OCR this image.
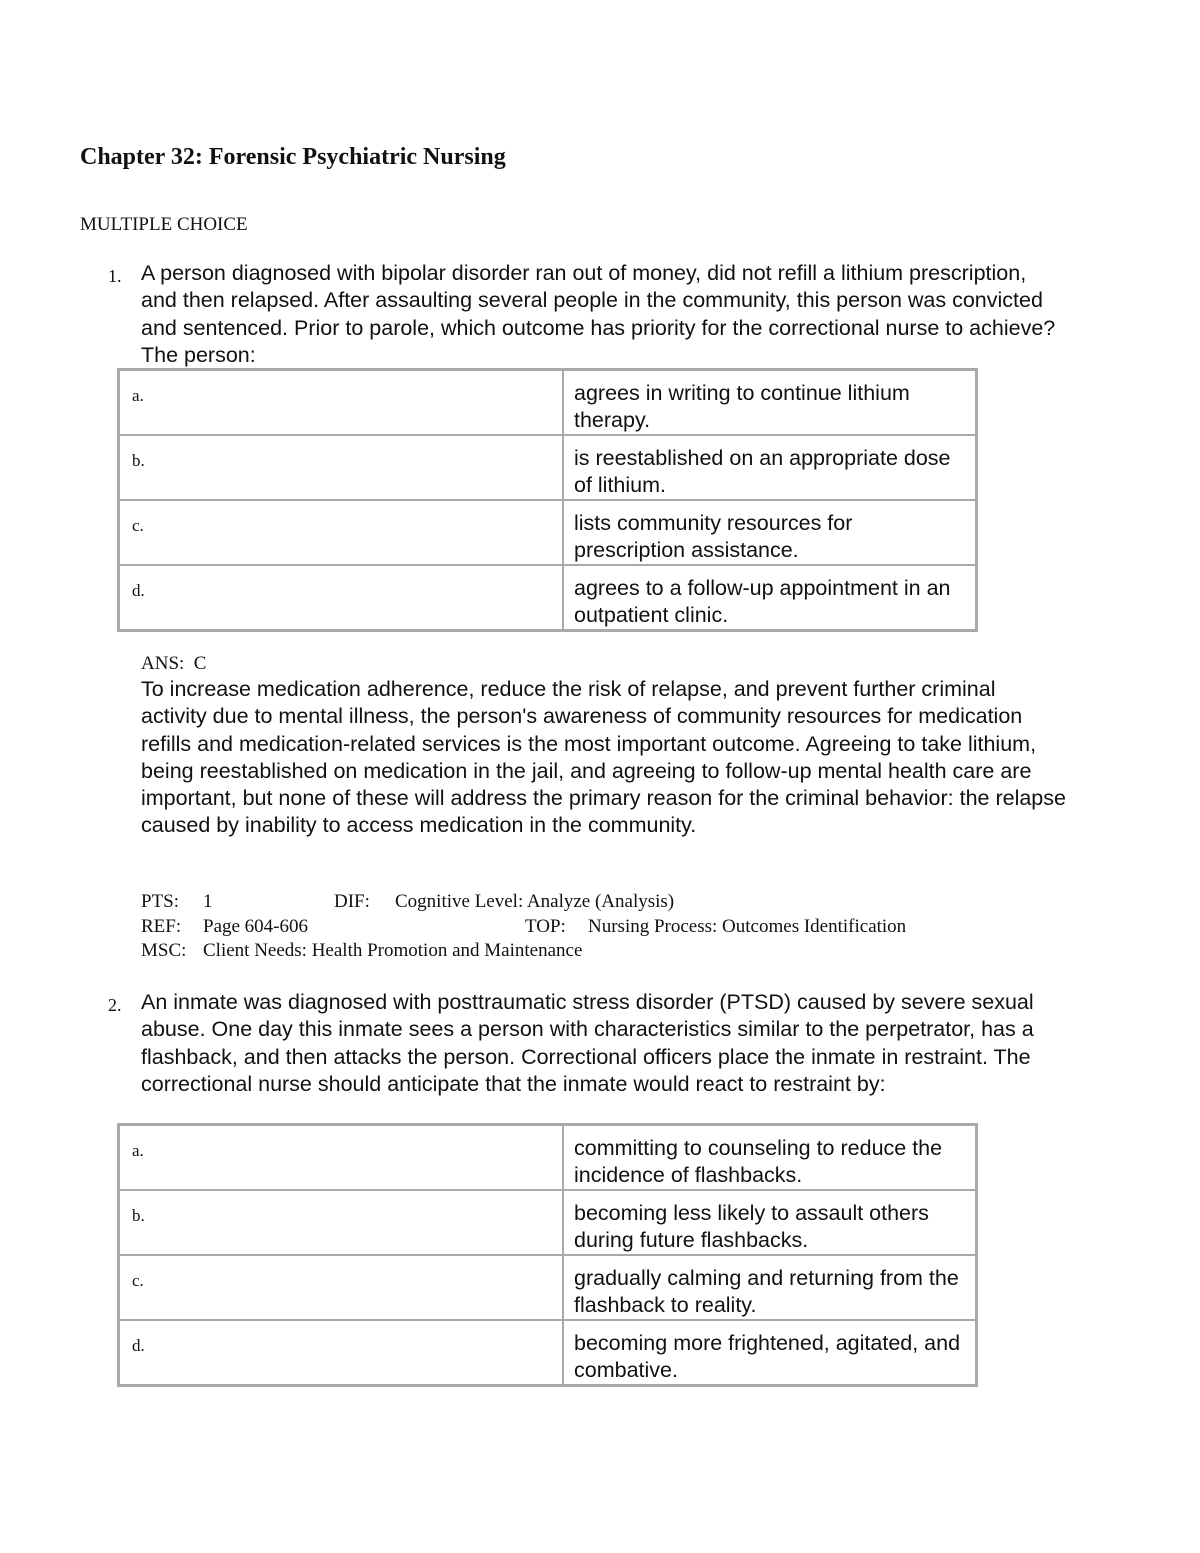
Chapter 32: Forensic Psychiatric Nursing
MULTIPLE CHOICE
1. A person diagnosed with bipolar disorder ran out of money, did not refill a lithium prescription, and then relapsed. After assaulting several people in the community, this person was convicted and sentenced. Prior to parole, which outcome has priority for the correctional nurse to achieve? The person:

a.	agrees in writing to continue lithium therapy.
b.	is reestablished on an appropriate dose of lithium.
c.	lists community resources for prescription assistance.
d.	agrees to a follow-up appointment in an outpatient clinic.

ANS:  C

To increase medication adherence, reduce the risk of relapse, and prevent further criminal activity due to mental illness, the person's awareness of community resources for medication refills and medication-related services is the most important outcome. Agreeing to take lithium, being reestablished on medication in the jail, and agreeing to follow-up mental health care are important, but none of these will address the primary reason for the criminal behavior: the relapse caused by inability to access medication in the community.

PTS: 1	DIF: Cognitive Level: Analyze (Analysis)
REF: Page 604-606	TOP: Nursing Process: Outcomes Identification
MSC: Client Needs: Health Promotion and Maintenance
2. An inmate was diagnosed with posttraumatic stress disorder (PTSD) caused by severe sexual abuse. One day this inmate sees a person with characteristics similar to the perpetrator, has a flashback, and then attacks the person. Correctional officers place the inmate in restraint. The correctional nurse should anticipate that the inmate would react to restraint by:

a.	committing to counseling to reduce the incidence of flashbacks.
b.	becoming less likely to assault others during future flashbacks.
c.	gradually calming and returning from the flashback to reality.
d.	becoming more frightened, agitated, and combative.
